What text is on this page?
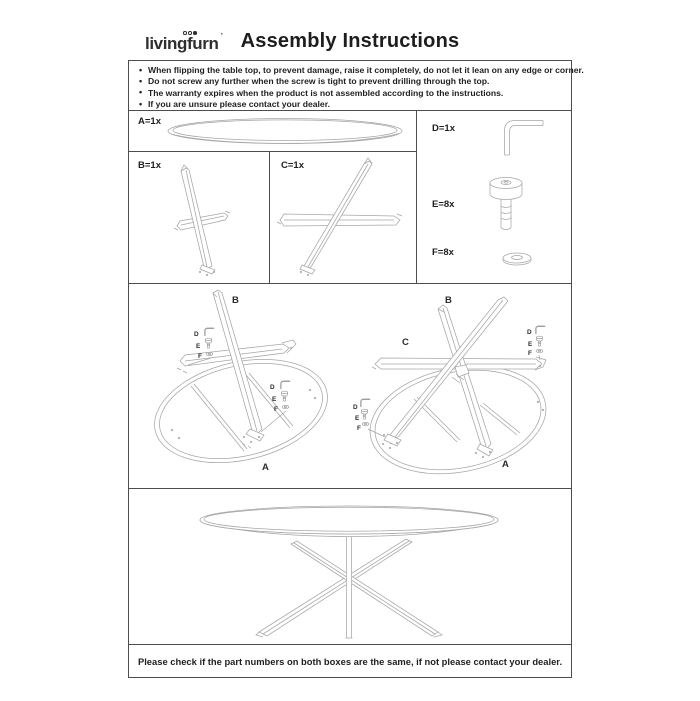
livingfurn ʼ Assembly Instructions
• When flipping the table top, to prevent damage, raise it completely, do not let it lean on any edge or corner.
• Do not screw any further when the screw is tight to prevent drilling through the top.
• The warranty expires when the product is not assembled according to the instructions.
• If you are unsure please contact your dealer.
A=1x
B=1x	C=1x
D=1x
E=8x
F=8x
B
A
D
E
F
D
E
F
B
C
A
D
E
F
D
E
F
Please check if the part numbers on both boxes are the same, if not please contact your dealer.
